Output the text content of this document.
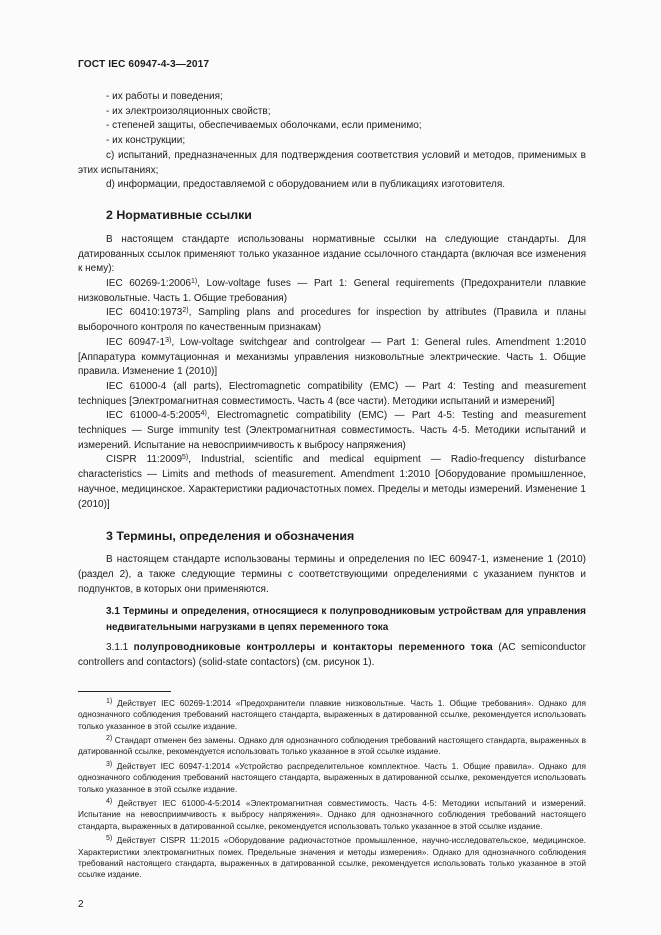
ГОСТ IEC 60947-4-3—2017

- их работы и поведения;

- их электроизоляционных свойств;

- степеней защиты, обеспечиваемых оболочками, если применимо;

- их конструкции;

с) испытаний, предназначенных для подтверждения соответствия условий и методов, применимых в этих испытаниях;

d) информации, предоставляемой с оборудованием или в публикациях изготовителя.

2 Нормативные ссылки

В настоящем стандарте использованы нормативные ссылки на следующие стандарты. Для датированных ссылок применяют только указанное издание ссылочного стандарта (включая все изменения к нему):

IEC 60269-1:2006$^{1)}$, Low-voltage fuses — Part 1: General requirements (Предохранители плавкие низковольтные. Часть 1. Общие требования)

IEC 60410:1973$^{2)}$, Sampling plans and procedures for inspection by attributes (Правила и планы выборочного контроля по качественным признакам)

IEC 60947-1$^{3)}$, Low-voltage switchgear and controlgear — Part 1: General rules. Amendment 1:2010 [Аппаратура коммутационная и механизмы управления низковольтные электрические. Часть 1. Общие правила. Изменение 1 (2010)]

IEC 61000-4 (all parts), Electromagnetic compatibility (EMC) — Part 4: Testing and measurement techniques [Электромагнитная совместимость. Часть 4 (все части). Методики испытаний и измерений]

IEC 61000-4-5:2005$^{4)}$, Electromagnetic compatibility (EMC) — Part 4-5: Testing and measurement techniques — Surge immunity test (Электромагнитная совместимость. Часть 4-5. Методики испытаний и измерений. Испытание на невосприимчивость к выбросу напряжения)

CISPR 11:2009$^{5)}$, Industrial, scientific and medical equipment — Radio-frequency disturbance characteristics — Limits and methods of measurement. Amendment 1:2010 [Оборудование промышленное, научное, медицинское. Характеристики радиочастотных помех. Пределы и методы измерений. Изменение 1 (2010)]

3 Термины, определения и обозначения

В настоящем стандарте использованы термины и определения по IEC 60947-1, изменение 1 (2010) (раздел 2), а также следующие термины с соответствующими определениями с указанием пунктов и подпунктов, в которых они применяются.

3.1 Термины и определения, относящиеся к полупроводниковым устройствам для управления недвигательными нагрузками в цепях переменного тока

3.1.1 полупроводниковые контроллеры и контакторы переменного тока (AC semiconductor controllers and contactors) (solid-state contactors) (см. рисунок 1).

$^{1)}$ Действует IEC 60269-1:2014 «Предохранители плавкие низковольтные. Часть 1. Общие требования». Однако для однозначного соблюдения требований настоящего стандарта, выраженных в датированной ссылке, рекомендуется использовать только указанное в этой ссылке издание.

$^{2)}$ Стандарт отменен без замены. Однако для однозначного соблюдения требований настоящего стандарта, выраженных в датированной ссылке, рекомендуется использовать только указанное в этой ссылке издание.

$^{3)}$ Действует IEC 60947-1:2014 «Устройство распределительное комплектное. Часть 1. Общие правила». Однако для однозначного соблюдения требований настоящего стандарта, выраженных в датированной ссылке, рекомендуется использовать только указанное в этой ссылке издание.

$^{4)}$ Действует IEC 61000-4-5:2014 «Электромагнитная совместимость. Часть 4-5: Методики испытаний и измерений. Испытание на невосприимчивость к выбросу напряжения». Однако для однозначного соблюдения требований настоящего стандарта, выраженных в датированной ссылке, рекомендуется использовать только указанное в этой ссылке издание.

$^{5)}$ Действует CISPR 11:2015 «Оборудование радиочастотное промышленное, научно-исследовательское, медицинское. Характеристики электромагнитных помех. Предельные значения и методы измерения». Однако для однозначного соблюдения требований настоящего стандарта, выраженных в датированной ссылке, рекомендуется использовать только указанное в этой ссылке издание.

2
